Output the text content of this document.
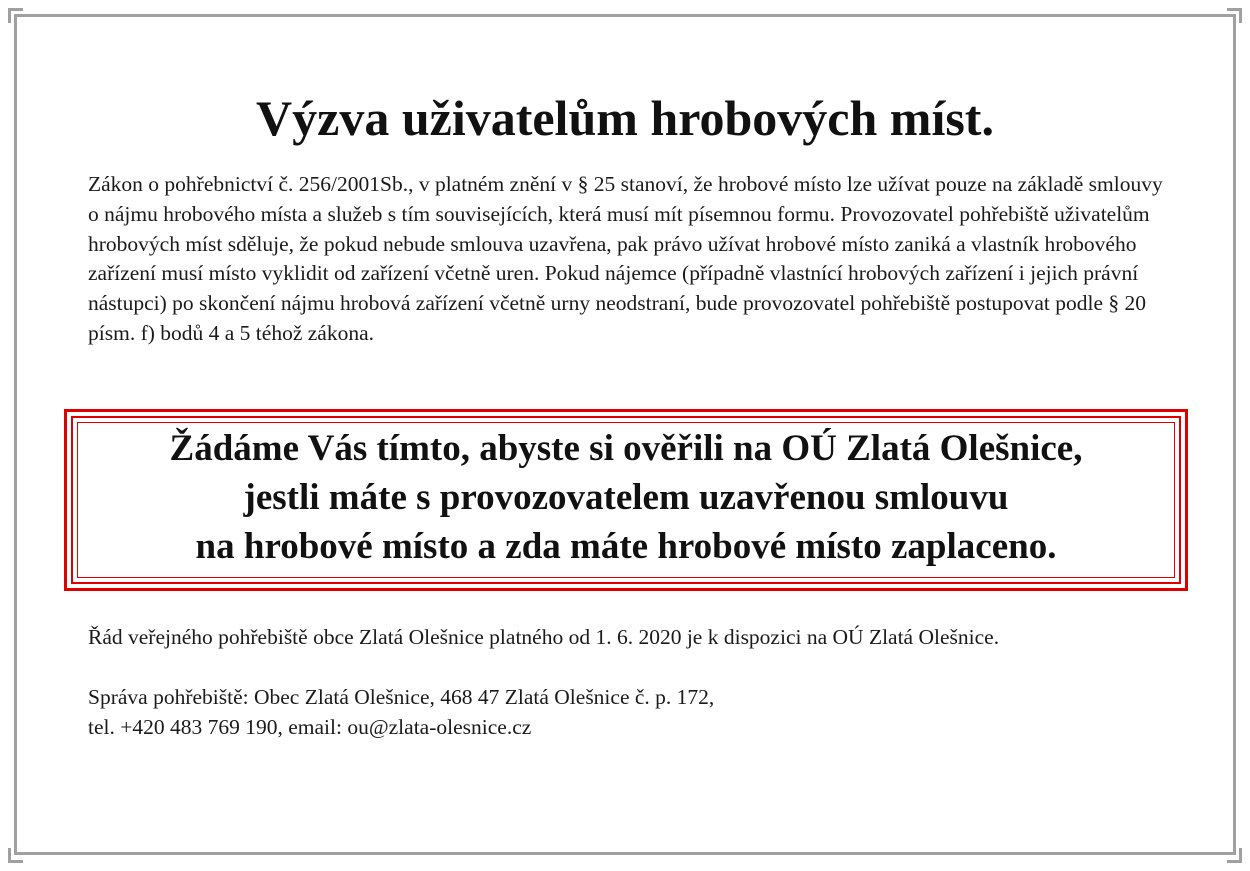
Výzva uživatelům hrobových míst.

Zákon o pohřebnictví č. 256/2001Sb., v platném znění v § 25 stanoví, že hrobové místo lze užívat pouze na základě smlouvy o nájmu hrobového místa a služeb s tím souvisejících, která musí mít písemnou formu. Provozovatel pohřebiště uživatelům hrobových míst sděluje, že pokud nebude smlouva uzavřena, pak právo užívat hrobové místo zaniká a vlastník hrobového zařízení musí místo vyklidit od zařízení včetně uren. Pokud nájemce (případně vlastnící hrobových zařízení i jejich právní nástupci) po skončení nájmu hrobová zařízení včetně urny neodstraní, bude provozovatel pohřebiště postupovat podle § 20 písm. f) bodů 4 a 5 téhož zákona.

Žádáme Vás tímto, abyste si ověřili na OÚ Zlatá Olešnice,
jestli máte s provozovatelem uzavřenou smlouvu
na hrobové místo a zda máte hrobové místo zaplaceno.

Řád veřejného pohřebiště obce Zlatá Olešnice platného od 1. 6. 2020 je k dispozici na OÚ Zlatá Olešnice.

Správa pohřebiště: Obec Zlatá Olešnice, 468 47 Zlatá Olešnice č. p. 172,
tel. +420 483 769 190, email: ou@zlata-olesnice.cz
